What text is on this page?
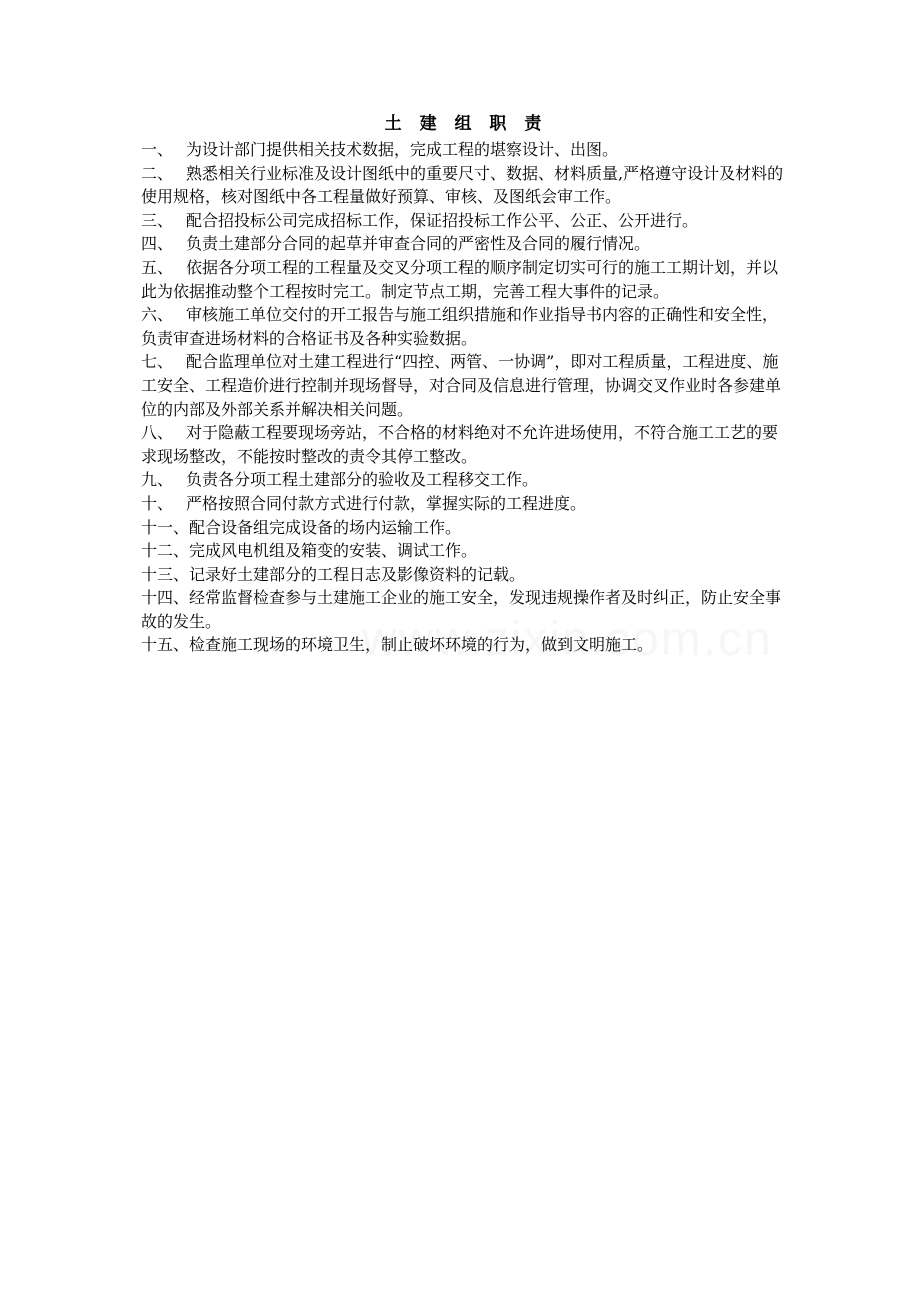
土 建 组 职 责

一、 为设计部门提供相关技术数据，完成工程的堪察设计、出图。

二、 熟悉相关行业标准及设计图纸中的重要尺寸、数据、材料质量,严格遵守设计及材料的使用规格，核对图纸中各工程量做好预算、审核、及图纸会审工作。

三、 配合招投标公司完成招标工作，保证招投标工作公平、公正、公开进行。

四、 负责土建部分合同的起草并审查合同的严密性及合同的履行情况。

五、 依据各分项工程的工程量及交叉分项工程的顺序制定切实可行的施工工期计划，并以此为依据推动整个工程按时完工。制定节点工期，完善工程大事件的记录。

六、 审核施工单位交付的开工报告与施工组织措施和作业指导书内容的正确性和安全性，负责审查进场材料的合格证书及各种实验数据。

七、 配合监理单位对土建工程进行“四控、两管、一协调”，即对工程质量，工程进度、施工安全、工程造价进行控制并现场督导，对合同及信息进行管理，协调交叉作业时各参建单位的内部及外部关系并解决相关问题。

八、 对于隐蔽工程要现场旁站，不合格的材料绝对不允许进场使用，不符合施工工艺的要求现场整改，不能按时整改的责令其停工整改。

九、 负责各分项工程土建部分的验收及工程移交工作。

十、 严格按照合同付款方式进行付款，掌握实际的工程进度。

十一、配合设备组完成设备的场内运输工作。

十二、完成风电机组及箱变的安装、调试工作。

十三、记录好土建部分的工程日志及影像资料的记载。

十四、经常监督检查参与土建施工企业的施工安全，发现违规操作者及时纠正，防止安全事故的发生。

十五、检查施工现场的环境卫生，制止破坏环境的行为，做到文明施工。
